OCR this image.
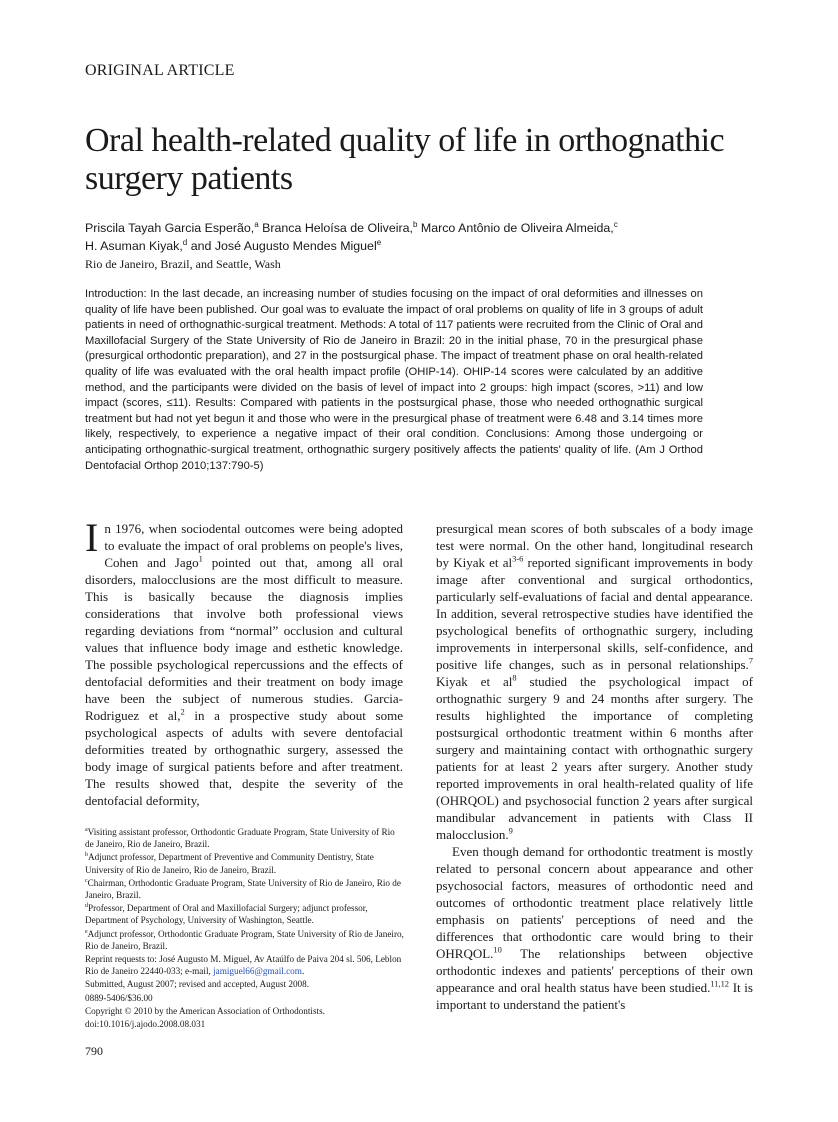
ORIGINAL ARTICLE
Oral health-related quality of life in orthognathic surgery patients
Priscila Tayah Garcia Esperão,$^a$ Branca Heloísa de Oliveira,$^b$ Marco Antônio de Oliveira Almeida,$^c$
H. Asuman Kiyak,$^d$ and José Augusto Mendes Miguel$^e$
Rio de Janeiro, Brazil, and Seattle, Wash

Introduction: In the last decade, an increasing number of studies focusing on the impact of oral deformities and illnesses on quality of life have been published. Our goal was to evaluate the impact of oral problems on quality of life in 3 groups of adult patients in need of orthognathic-surgical treatment. Methods: A total of 117 patients were recruited from the Clinic of Oral and Maxillofacial Surgery of the State University of Rio de Janeiro in Brazil: 20 in the initial phase, 70 in the presurgical phase (presurgical orthodontic preparation), and 27 in the postsurgical phase. The impact of treatment phase on oral health-related quality of life was evaluated with the oral health impact profile (OHIP-14). OHIP-14 scores were calculated by an additive method, and the participants were divided on the basis of level of impact into 2 groups: high impact (scores, >11) and low impact (scores, ≤11). Results: Compared with patients in the postsurgical phase, those who needed orthognathic surgical treatment but had not yet begun it and those who were in the presurgical phase of treatment were 6.48 and 3.14 times more likely, respectively, to experience a negative impact of their oral condition. Conclusions: Among those undergoing or anticipating orthognathic-surgical treatment, orthognathic surgery positively affects the patients' quality of life. (Am J Orthod Dentofacial Orthop 2010;137:790-5)

In 1976, when sociodental outcomes were being adopted to evaluate the impact of oral problems on people's lives, Cohen and Jago$^1$ pointed out that, among all oral disorders, malocclusions are the most difficult to measure. This is basically because the diagnosis implies considerations that involve both professional views regarding deviations from “normal” occlusion and cultural values that influence body image and esthetic knowledge. The possible psychological repercussions and the effects of dentofacial deformities and their treatment on body image have been the subject of numerous studies. Garcia-Rodriguez et al,$^2$ in a prospective study about some psychological aspects of adults with severe dentofacial deformities treated by orthognathic surgery, assessed the body image of surgical patients before and after treatment. The results showed that, despite the severity of the dentofacial deformity,

$^a$Visiting assistant professor, Orthodontic Graduate Program, State University of Rio de Janeiro, Rio de Janeiro, Brazil.

$^b$Adjunct professor, Department of Preventive and Community Dentistry, State University of Rio de Janeiro, Rio de Janeiro, Brazil.

$^c$Chairman, Orthodontic Graduate Program, State University of Rio de Janeiro, Rio de Janeiro, Brazil.

$^d$Professor, Department of Oral and Maxillofacial Surgery; adjunct professor, Department of Psychology, University of Washington, Seattle.

$^e$Adjunct professor, Orthodontic Graduate Program, State University of Rio de Janeiro, Rio de Janeiro, Brazil.

Reprint requests to: José Augusto M. Miguel, Av Ataúlfo de Paiva 204 sl. 506, Leblon Rio de Janeiro 22440-033; e-mail, jamiguel66@gmail.com.

Submitted, August 2007; revised and accepted, August 2008.

0889-5406/$36.00

Copyright © 2010 by the American Association of Orthodontists.

doi:10.1016/j.ajodo.2008.08.031

presurgical mean scores of both subscales of a body image test were normal. On the other hand, longitudinal research by Kiyak et $al^{3-6}$ reported significant improvements in body image after conventional and surgical orthodontics, particularly self-evaluations of facial and dental appearance. In addition, several retrospective studies have identified the psychological benefits of orthognathic surgery, including improvements in interpersonal skills, self-confidence, and positive life changes, such as in personal relationships.$^7$ Kiyak et $al^8$ studied the psychological impact of orthognathic surgery 9 and 24 months after surgery. The results highlighted the importance of completing postsurgical orthodontic treatment within 6 months after surgery and maintaining contact with orthognathic surgery patients for at least 2 years after surgery. Another study reported improvements in oral health-related quality of life (OHRQOL) and psychosocial function 2 years after surgical mandibular advancement in patients with Class II malocclusion.$^9$

Even though demand for orthodontic treatment is mostly related to personal concern about appearance and other psychosocial factors, measures of orthodontic need and outcomes of orthodontic treatment place relatively little emphasis on patients' perceptions of need and the differences that orthodontic care would bring to their OHRQOL.$^{10}$ The relationships between objective orthodontic indexes and patients' perceptions of their own appearance and oral health status have been studied.$^{11,12}$ It is important to understand the patient's

790
